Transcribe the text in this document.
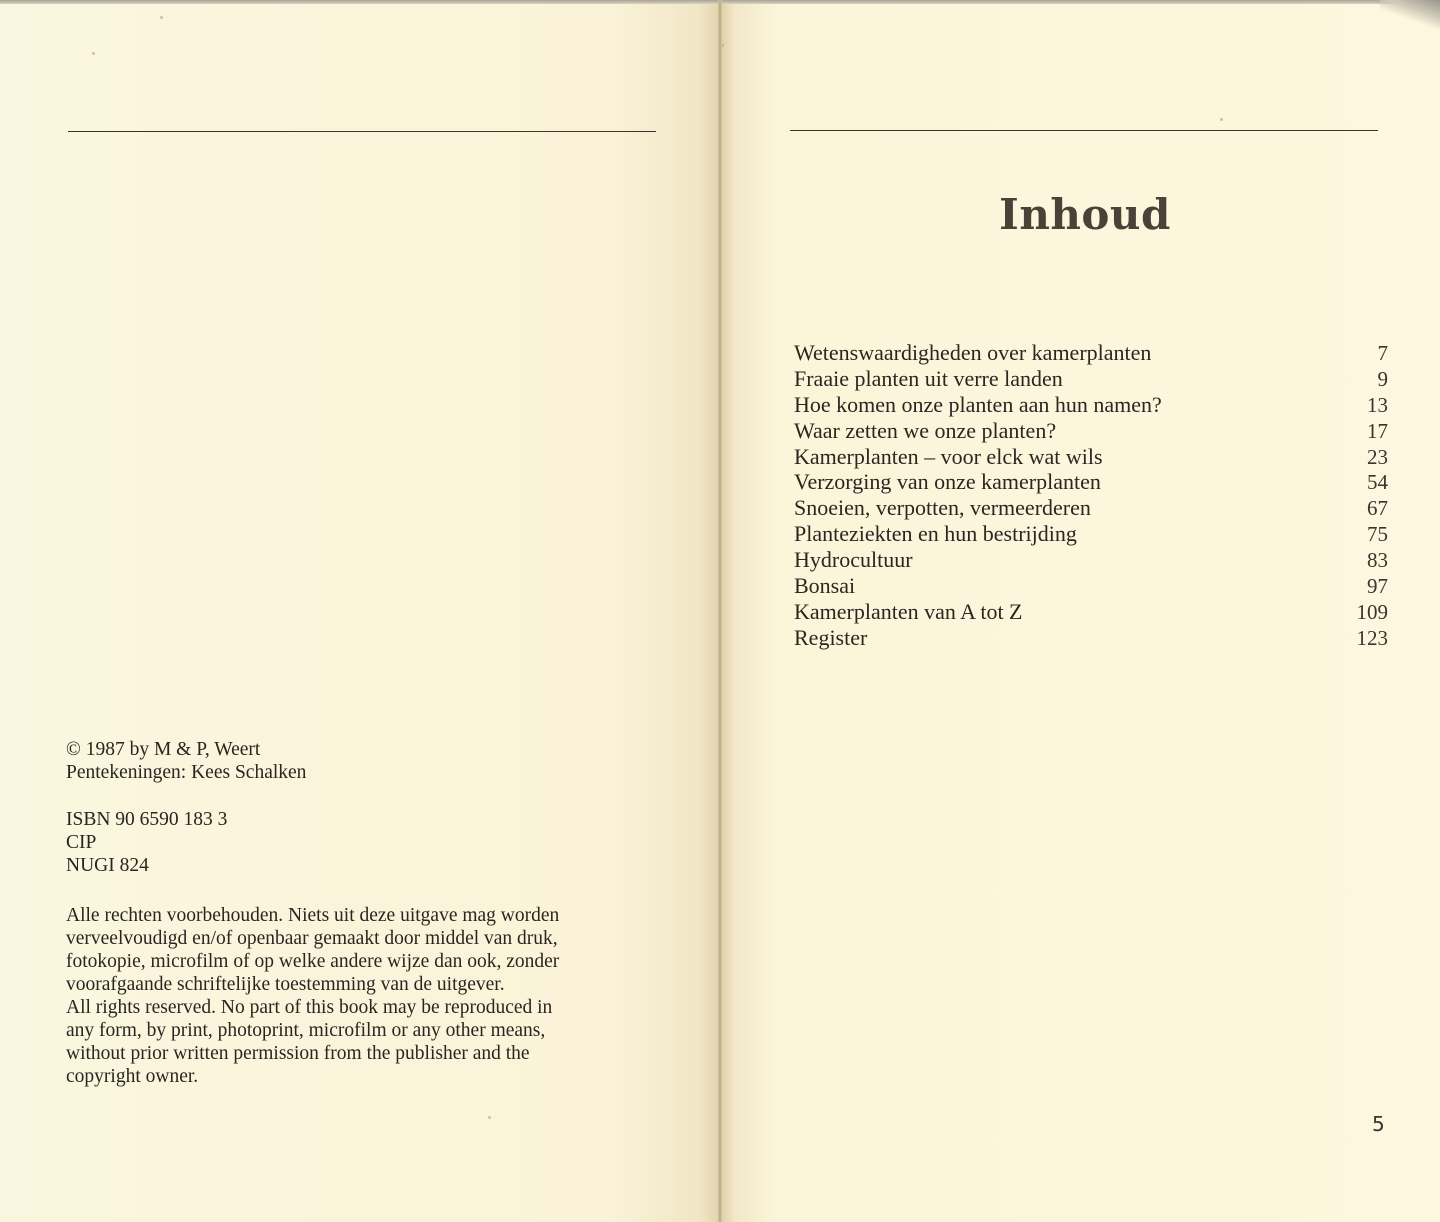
© 1987 by M & P, Weert
Pentekeningen: Kees Schalken
ISBN 90 6590 183 3
CIP
NUGI 824
Alle rechten voorbehouden. Niets uit deze uitgave mag worden
verveelvoudigd en/of openbaar gemaakt door middel van druk,
fotokopie, microfilm of op welke andere wijze dan ook, zonder
voorafgaande schriftelijke toestemming van de uitgever.
All rights reserved. No part of this book may be reproduced in
any form, by print, photoprint, microfilm or any other means,
without prior written permission from the publisher and the
copyright owner.
Inhoud
Wetenswaardigheden over kamerplanten	7
Fraaie planten uit verre landen	9
Hoe komen onze planten aan hun namen?	13
Waar zetten we onze planten?	17
Kamerplanten – voor elck wat wils	23
Verzorging van onze kamerplanten	54
Snoeien, verpotten, vermeerderen	67
Planteziekten en hun bestrijding	75
Hydrocultuur	83
Bonsai	97
Kamerplanten van A tot Z	109
Register	123
5
